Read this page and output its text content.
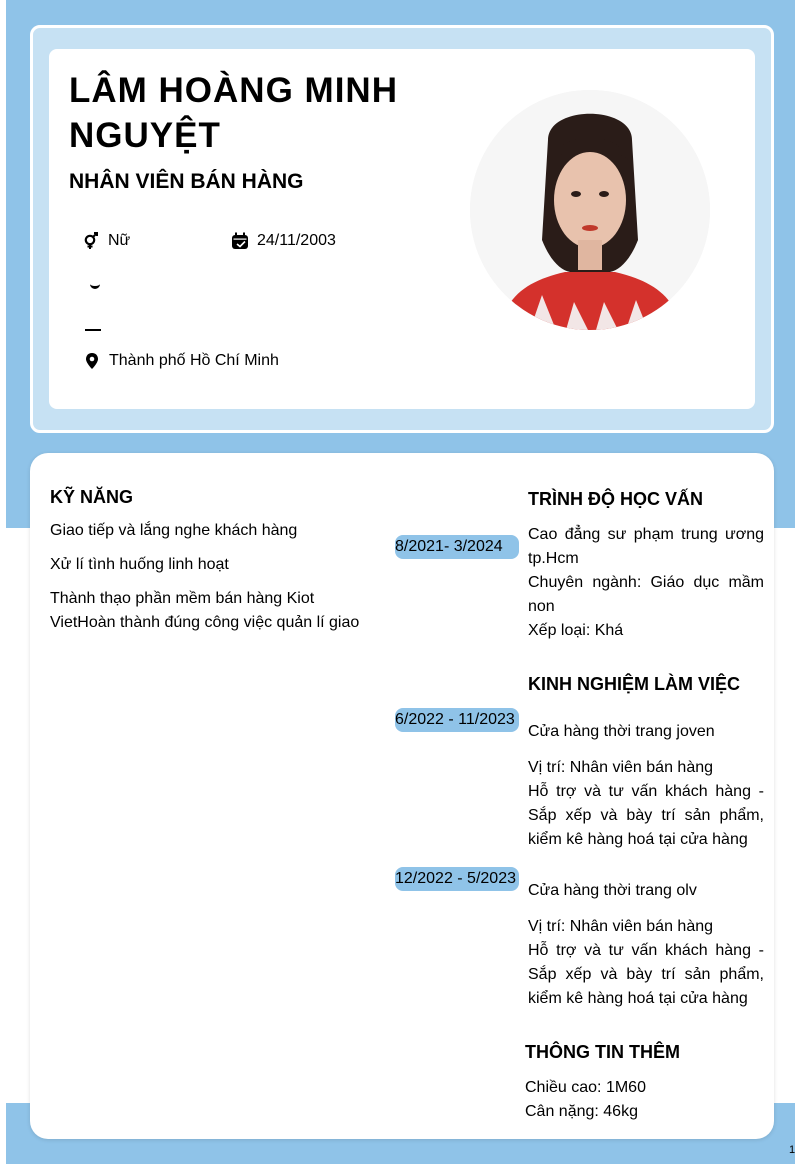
LÂM HOÀNG MINH NGUYỆT
NHÂN VIÊN BÁN HÀNG
Nữ	24/11/2003
Thành phố Hồ Chí Minh
KỸ NĂNG
Giao tiếp và lắng nghe khách hàng
Xử lí tình huống linh hoạt
Thành thạo phần mềm bán hàng Kiot VietHoàn thành đúng công việc quản lí giao
TRÌNH ĐỘ HỌC VẤN
8/2021- 3/2024
Cao đẳng sư phạm trung ương tp.Hcm
Chuyên ngành: Giáo dục mầm non
Xếp loại: Khá
KINH NGHIỆM LÀM VIỆC
6/2022 - 11/2023
Cửa hàng thời trang joven
Vị trí: Nhân viên bán hàng
Hỗ trợ và tư vấn khách hàng - Sắp xếp và bày trí sản phẩm, kiểm kê hàng hoá tại cửa hàng
12/2022 - 5/2023
Cửa hàng thời trang olv
Vị trí: Nhân viên bán hàng
Hỗ trợ và tư vấn khách hàng - Sắp xếp và bày trí sản phẩm, kiểm kê hàng hoá tại cửa hàng
THÔNG TIN THÊM
Chiều cao: 1M60
Cân nặng: 46kg
1
